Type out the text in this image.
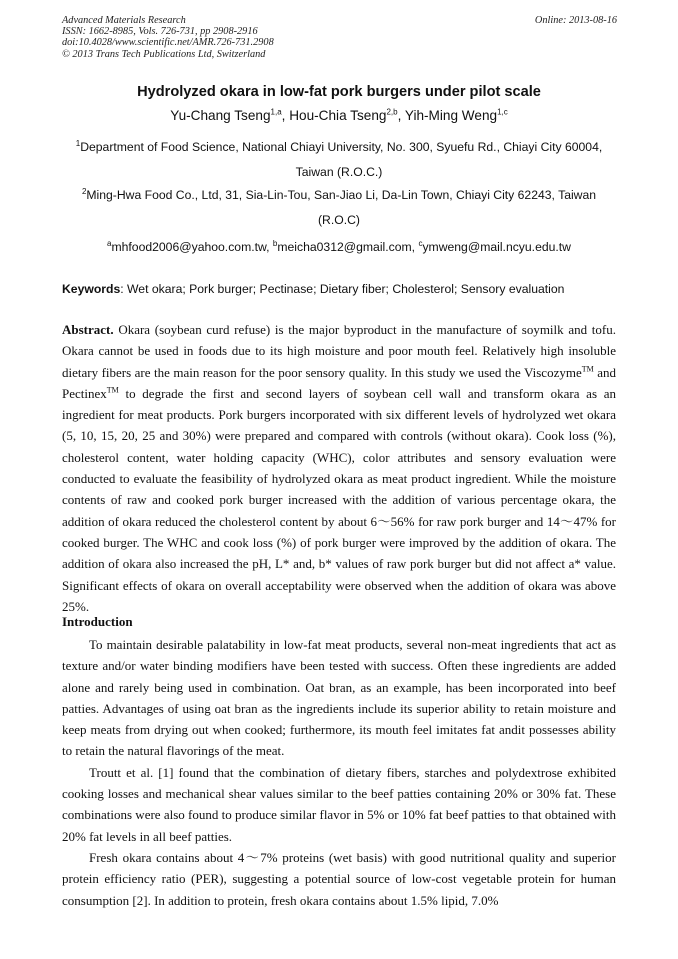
Advanced Materials Research
ISSN: 1662-8985, Vols. 726-731, pp 2908-2916
doi:10.4028/www.scientific.net/AMR.726-731.2908
© 2013 Trans Tech Publications Ltd, Switzerland
Online: 2013-08-16
Hydrolyzed okara in low-fat pork burgers under pilot scale
Yu-Chang Tseng$^{1,a}$, Hou-Chia Tseng$^{2,b}$, Yih-Ming Weng$^{1,c}$
$^1$Department of Food Science, National Chiayi University, No. 300, Syuefu Rd., Chiayi City 60004, Taiwan (R.O.C.)
$^2$Ming-Hwa Food Co., Ltd, 31, Sia-Lin-Tou, San-Jiao Li, Da-Lin Town, Chiayi City 62243, Taiwan (R.O.C)
$^a$mhfood2006@yahoo.com.tw, $^b$meicha0312@gmail.com, $^c$ymweng@mail.ncyu.edu.tw
Keywords: Wet okara; Pork burger; Pectinase; Dietary fiber; Cholesterol; Sensory evaluation
Abstract. Okara (soybean curd refuse) is the major byproduct in the manufacture of soymilk and tofu. Okara cannot be used in foods due to its high moisture and poor mouth feel. Relatively high insoluble dietary fibers are the main reason for the poor sensory quality. In this study we used the Viscozyme™ and Pectinex™ to degrade the first and second layers of soybean cell wall and transform okara as an ingredient for meat products. Pork burgers incorporated with six different levels of hydrolyzed wet okara (5, 10, 15, 20, 25 and 30%) were prepared and compared with controls (without okara). Cook loss (%), cholesterol content, water holding capacity (WHC), color attributes and sensory evaluation were conducted to evaluate the feasibility of hydrolyzed okara as meat product ingredient. While the moisture contents of raw and cooked pork burger increased with the addition of various percentage okara, the addition of okara reduced the cholesterol content by about 6～56% for raw pork burger and 14～47% for cooked burger. The WHC and cook loss (%) of pork burger were improved by the addition of okara. The addition of okara also increased the pH, L* and, b* values of raw pork burger but did not affect a* value. Significant effects of okara on overall acceptability were observed when the addition of okara was above 25%.
Introduction

To maintain desirable palatability in low-fat meat products, several non-meat ingredients that act as texture and/or water binding modifiers have been tested with success. Often these ingredients are added alone and rarely being used in combination. Oat bran, as an example, has been incorporated into beef patties. Advantages of using oat bran as the ingredients include its superior ability to retain moisture and keep meats from drying out when cooked; furthermore, its mouth feel imitates fat andit possesses ability to retain the natural flavorings of the meat.

Troutt et al. [1] found that the combination of dietary fibers, starches and polydextrose exhibited cooking losses and mechanical shear values similar to the beef patties containing 20% or 30% fat. These combinations were also found to produce similar flavor in 5% or 10% fat beef patties to that obtained with 20% fat levels in all beef patties.

Fresh okara contains about 4～7% proteins (wet basis) with good nutritional quality and superior protein efficiency ratio (PER), suggesting a potential source of low-cost vegetable protein for human consumption [2]. In addition to protein, fresh okara contains about 1.5% lipid, 7.0%
